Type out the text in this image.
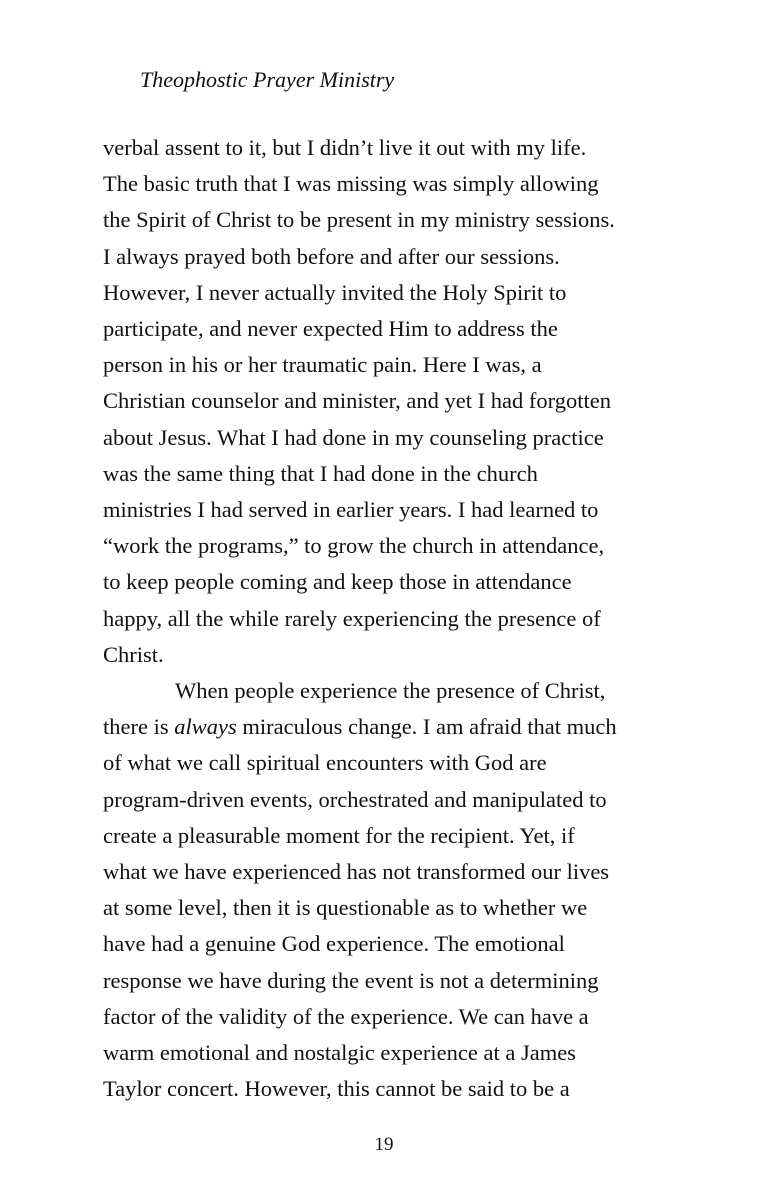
Theophostic Prayer Ministry
verbal assent to it, but I didn’t live it out with my life.
The basic truth that I was missing was simply allowing
the Spirit of Christ to be present in my ministry sessions.
I always prayed both before and after our sessions.
However, I never actually invited the Holy Spirit to
participate, and never expected Him to address the
person in his or her traumatic pain. Here I was, a
Christian counselor and minister, and yet I had forgotten
about Jesus. What I had done in my counseling practice
was the same thing that I had done in the church
ministries I had served in earlier years. I had learned to
“work the programs,” to grow the church in attendance,
to keep people coming and keep those in attendance
happy, all the while rarely experiencing the presence of
Christ.
When people experience the presence of Christ,
there is always miraculous change. I am afraid that much
of what we call spiritual encounters with God are
program-driven events, orchestrated and manipulated to
create a pleasurable moment for the recipient. Yet, if
what we have experienced has not transformed our lives
at some level, then it is questionable as to whether we
have had a genuine God experience. The emotional
response we have during the event is not a determining
factor of the validity of the experience. We can have a
warm emotional and nostalgic experience at a James
Taylor concert. However, this cannot be said to be a
19
